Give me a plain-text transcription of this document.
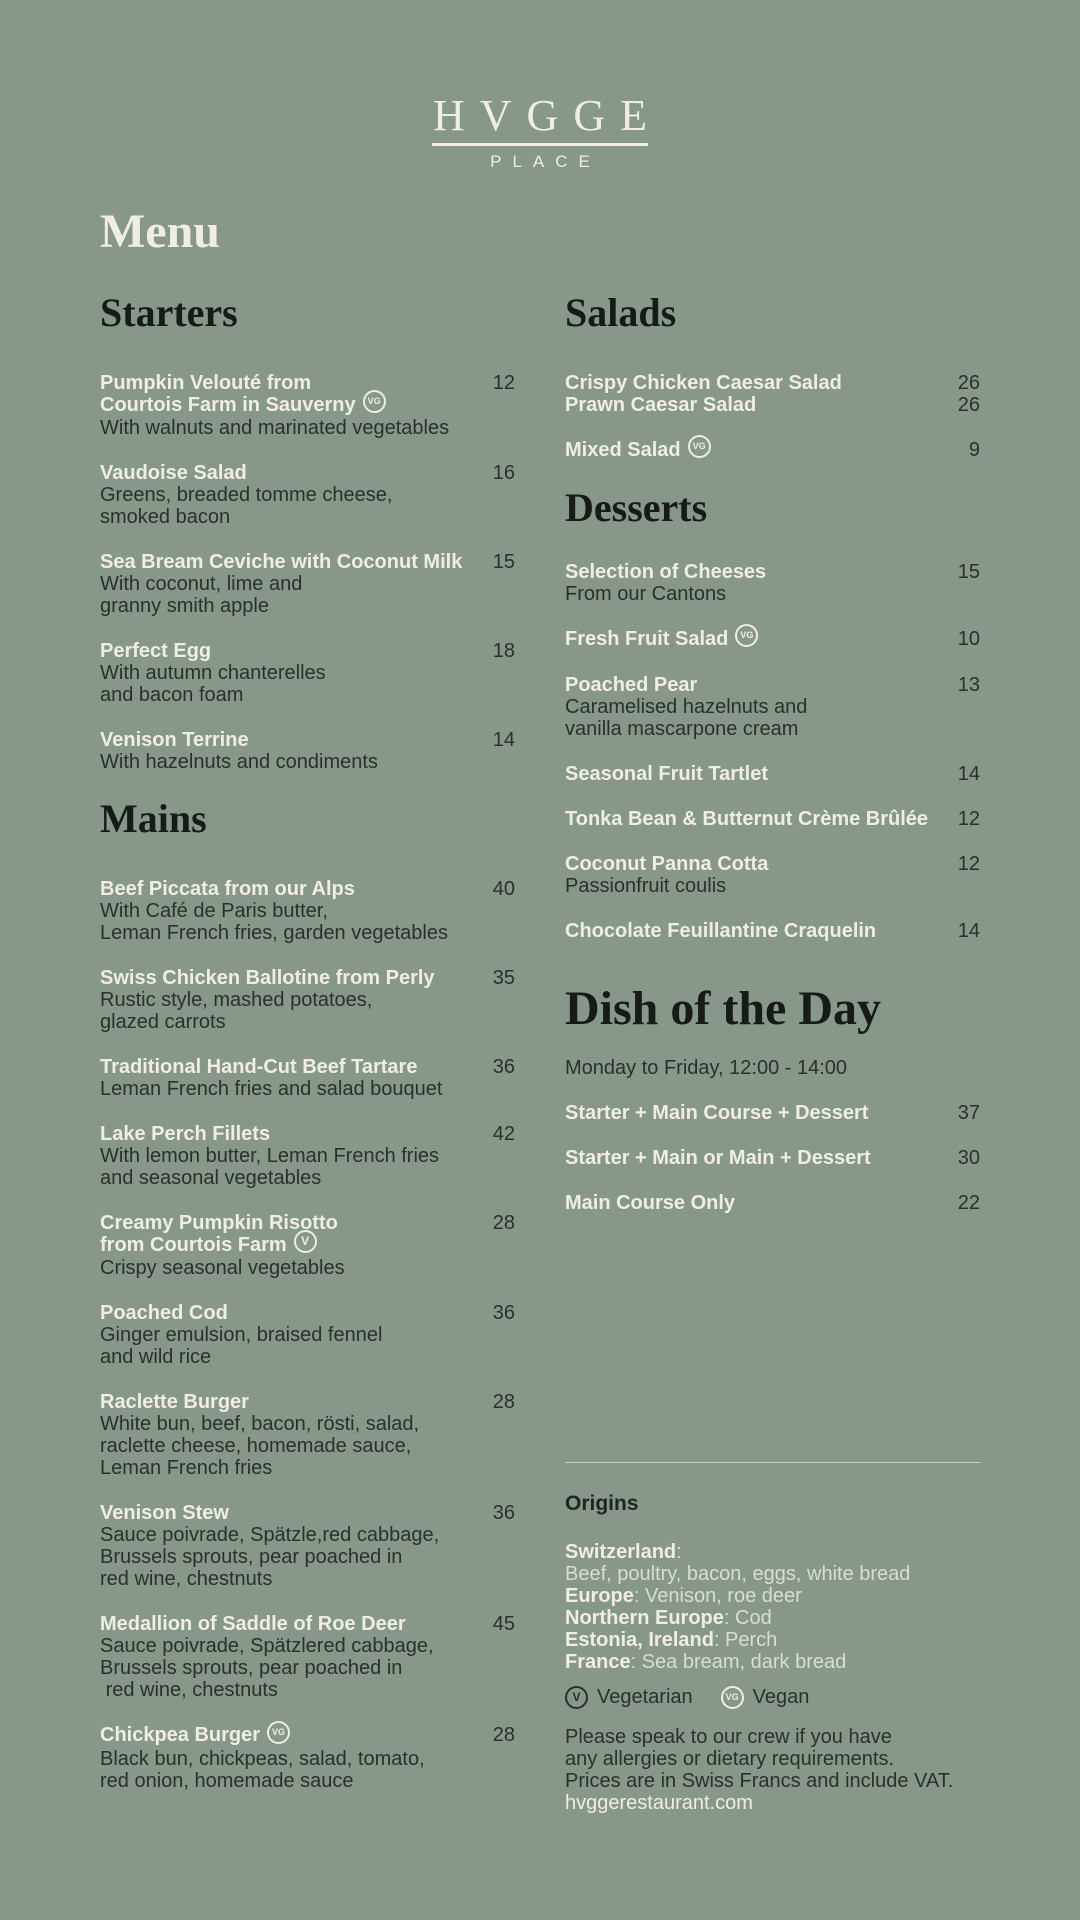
HVGGE
PLACE
Menu
Starters
Pumpkin Velouté from
Courtois Farm in Sauverny VG
With walnuts and marinated vegetables
12
Vaudoise Salad
Greens, breaded tomme cheese,
smoked bacon
16
Sea Bream Ceviche with Coconut Milk
With coconut, lime and
granny smith apple
15
Perfect Egg
With autumn chanterelles
and bacon foam
18
Venison Terrine
With hazelnuts and condiments
14
Mains
Beef Piccata from our Alps
With Café de Paris butter,
Leman French fries, garden vegetables
40
Swiss Chicken Ballotine from Perly
Rustic style, mashed potatoes,
glazed carrots
35
Traditional Hand-Cut Beef Tartare
Leman French fries and salad bouquet
36
Lake Perch Fillets
With lemon butter, Leman French fries
and seasonal vegetables
42
Creamy Pumpkin Risotto
from Courtois Farm V
Crispy seasonal vegetables
28
Poached Cod
Ginger emulsion, braised fennel
and wild rice
36
Raclette Burger
White bun, beef, bacon, rösti, salad,
raclette cheese, homemade sauce,
Leman French fries
28
Venison Stew
Sauce poivrade, Spätzle,red cabbage,
Brussels sprouts, pear poached in
red wine, chestnuts
36
Medallion of Saddle of Roe Deer
Sauce poivrade, Spätzlered cabbage,
Brussels sprouts, pear poached in
red wine, chestnuts
45
Chickpea Burger VG
Black bun, chickpeas, salad, tomato,
red onion, homemade sauce
28
Salads
Crispy Chicken Caesar Salad	26
Prawn Caesar Salad	26
Mixed Salad VG	9
Desserts
Selection of Cheeses
From our Cantons
15
Fresh Fruit Salad VG	10
Poached Pear
Caramelised hazelnuts and
vanilla mascarpone cream
13
Seasonal Fruit Tartlet	14
Tonka Bean & Butternut Crème Brûlée	12
Coconut Panna Cotta
Passionfruit coulis
12
Chocolate Feuillantine Craquelin	14
Dish of the Day
Monday to Friday, 12:00 - 14:00
Starter + Main Course + Dessert	37
Starter + Main or Main + Dessert	30
Main Course Only	22
Origins
Switzerland:
Beef, poultry, bacon, eggs, white bread
Europe: Venison, roe deer
Northern Europe: Cod
Estonia, Ireland: Perch
France: Sea bream, dark bread
V Vegetarian	VG Vegan
Please speak to our crew if you have
any allergies or dietary requirements.
Prices are in Swiss Francs and include VAT.
hvggerestaurant.com
